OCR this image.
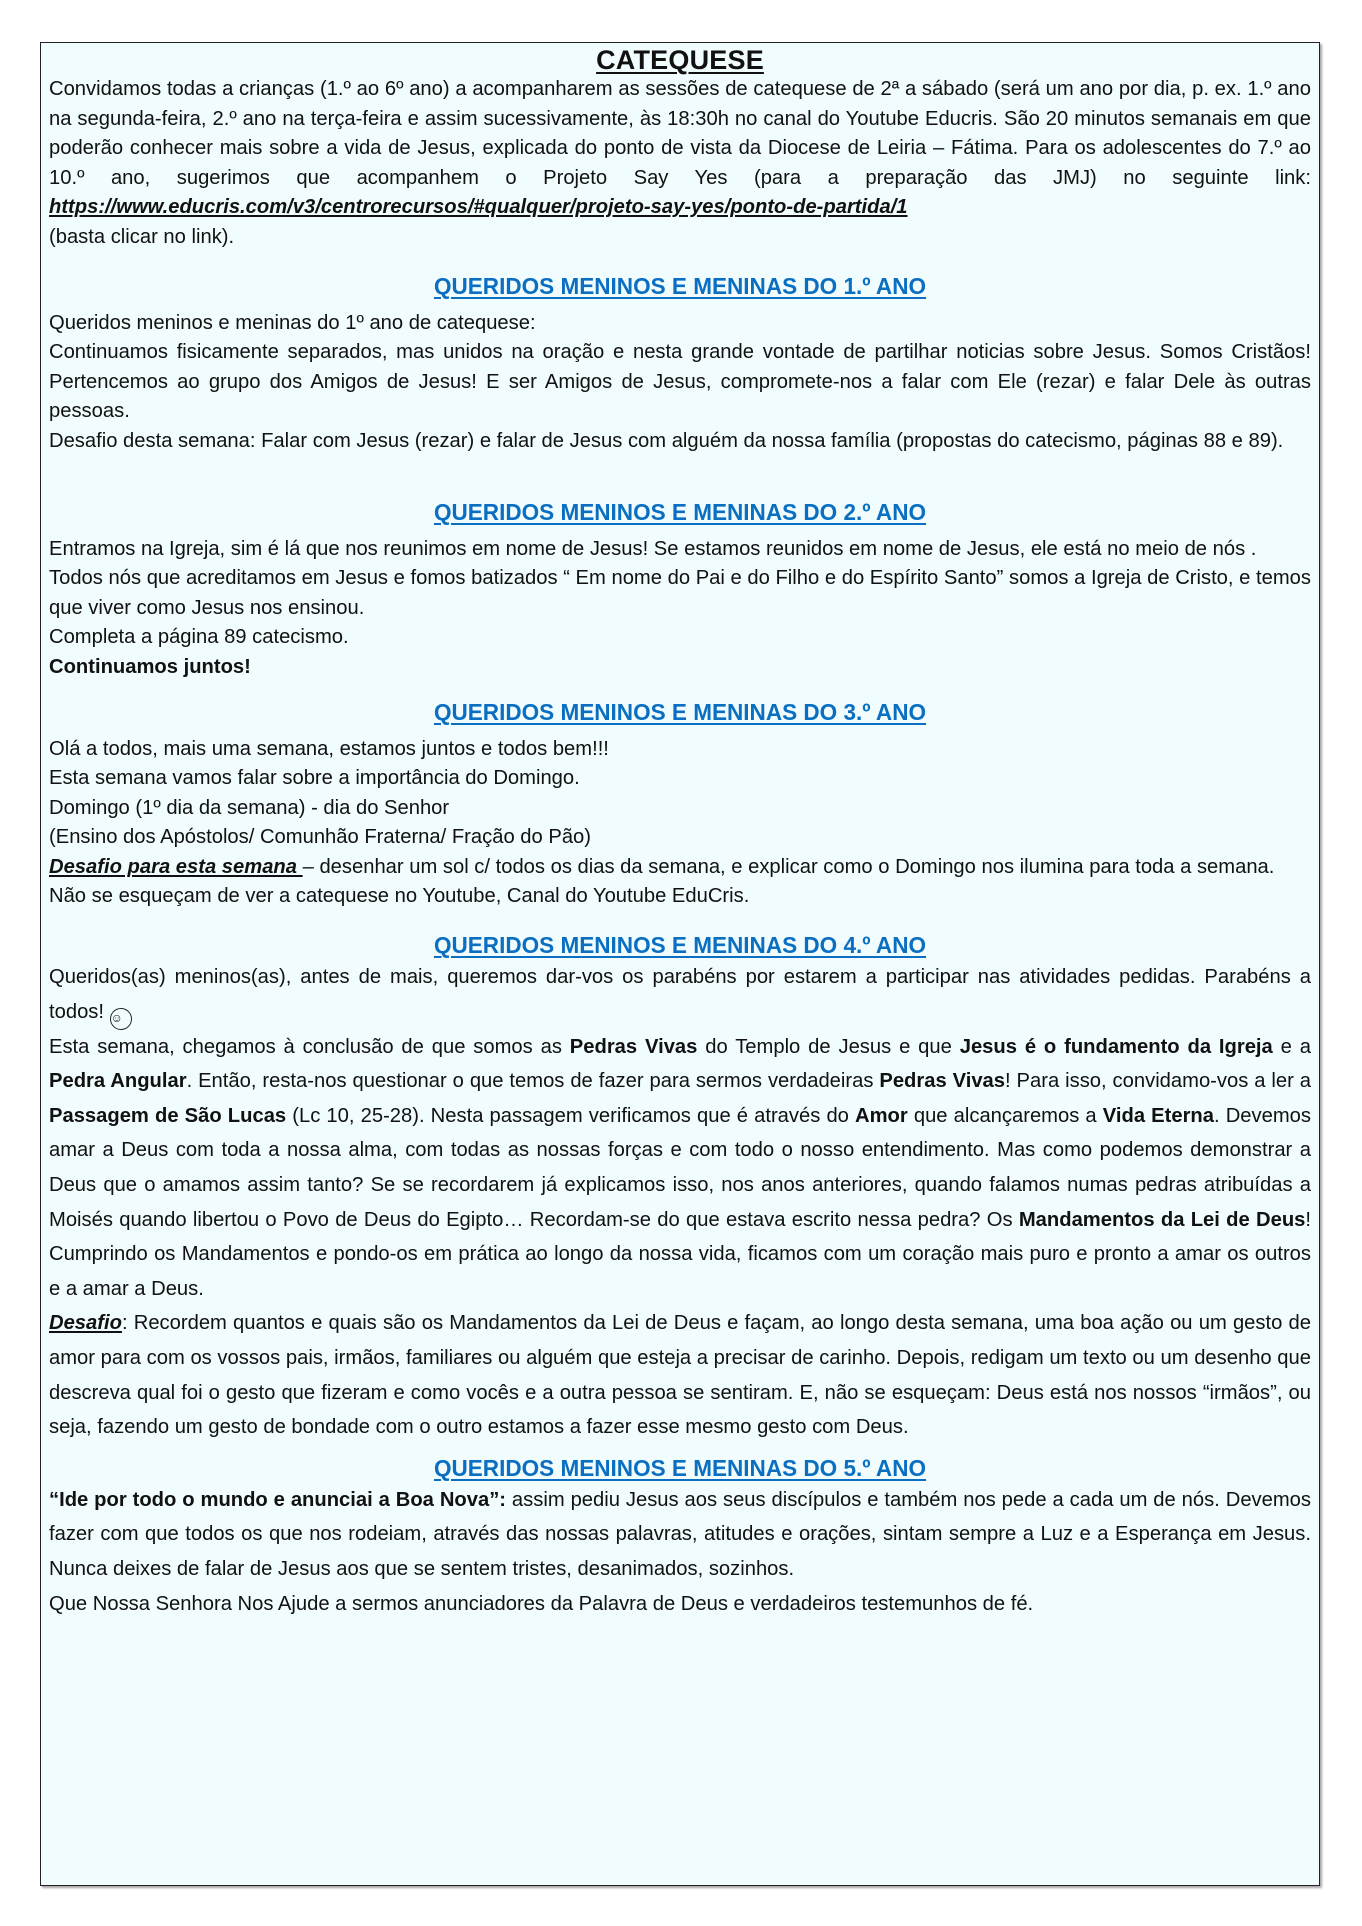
CATEQUESE

Convidamos todas a crianças (1.º ao 6º ano) a acompanharem as sessões de catequese de 2ª a sábado (será um ano por dia, p. ex. 1.º ano na segunda-feira, 2.º ano na terça-feira e assim sucessivamente, às 18:30h no canal do Youtube Educris. São 20 minutos semanais em que poderão conhecer mais sobre a vida de Jesus, explicada do ponto de vista da Diocese de Leiria – Fátima. Para os adolescentes do 7.º ao 10.º ano, sugerimos que acompanhem o Projeto Say Yes (para a preparação das JMJ) no seguinte link: https://www.educris.com/v3/centrorecursos/#qualquer/projeto-say-yes/ponto-de-partida/1
(basta clicar no link).

QUERIDOS MENINOS E MENINAS DO 1.º ANO

Queridos meninos e meninas do 1º ano de catequese:

Continuamos fisicamente separados, mas unidos na oração e nesta grande vontade de partilhar noticias sobre Jesus. Somos Cristãos! Pertencemos ao grupo dos Amigos de Jesus! E ser Amigos de Jesus, compromete-nos a falar com Ele (rezar) e falar Dele às outras pessoas.

Desafio desta semana: Falar com Jesus (rezar) e falar de Jesus com alguém da nossa família (propostas do catecismo, páginas 88 e 89).

QUERIDOS MENINOS E MENINAS DO 2.º ANO

Entramos na Igreja, sim é lá que nos reunimos em nome de Jesus! Se estamos reunidos em nome de Jesus, ele está no meio de nós .

Todos nós que acreditamos em Jesus e fomos batizados “ Em nome do Pai e do Filho e do Espírito Santo” somos a Igreja de Cristo, e temos que viver como Jesus nos ensinou.

Completa a página 89 catecismo.

Continuamos juntos!

QUERIDOS MENINOS E MENINAS DO 3.º ANO

Olá a todos, mais uma semana, estamos juntos e todos bem!!!

Esta semana vamos falar sobre a importância do Domingo.

Domingo (1º dia da semana) - dia do Senhor

(Ensino dos Apóstolos/ Comunhão Fraterna/ Fração do Pão)

Desafio para esta semana – desenhar um sol c/ todos os dias da semana, e explicar como o Domingo nos ilumina para toda a semana.

Não se esqueçam de ver a catequese no Youtube, Canal do Youtube EduCris.

QUERIDOS MENINOS E MENINAS DO 4.º ANO

Queridos(as) meninos(as), antes de mais, queremos dar-vos os parabéns por estarem a participar nas atividades pedidas. Parabéns a todos! ☺

Esta semana, chegamos à conclusão de que somos as Pedras Vivas do Templo de Jesus e que Jesus é o fundamento da Igreja e a Pedra Angular. Então, resta-nos questionar o que temos de fazer para sermos verdadeiras Pedras Vivas! Para isso, convidamo-vos a ler a Passagem de São Lucas (Lc 10, 25-28). Nesta passagem verificamos que é através do Amor que alcançaremos a Vida Eterna. Devemos amar a Deus com toda a nossa alma, com todas as nossas forças e com todo o nosso entendimento. Mas como podemos demonstrar a Deus que o amamos assim tanto? Se se recordarem já explicamos isso, nos anos anteriores, quando falamos numas pedras atribuídas a Moisés quando libertou o Povo de Deus do Egipto… Recordam-se do que estava escrito nessa pedra? Os Mandamentos da Lei de Deus! Cumprindo os Mandamentos e pondo-os em prática ao longo da nossa vida, ficamos com um coração mais puro e pronto a amar os outros e a amar a Deus.

Desafio: Recordem quantos e quais são os Mandamentos da Lei de Deus e façam, ao longo desta semana, uma boa ação ou um gesto de amor para com os vossos pais, irmãos, familiares ou alguém que esteja a precisar de carinho. Depois, redigam um texto ou um desenho que descreva qual foi o gesto que fizeram e como vocês e a outra pessoa se sentiram. E, não se esqueçam: Deus está nos nossos “irmãos”, ou seja, fazendo um gesto de bondade com o outro estamos a fazer esse mesmo gesto com Deus.

QUERIDOS MENINOS E MENINAS DO 5.º ANO

“Ide por todo o mundo e anunciai a Boa Nova”: assim pediu Jesus aos seus discípulos e também nos pede a cada um de nós. Devemos fazer com que todos os que nos rodeiam, através das nossas palavras, atitudes e orações, sintam sempre a Luz e a Esperança em Jesus. Nunca deixes de falar de Jesus aos que se sentem tristes, desanimados, sozinhos.

Que Nossa Senhora Nos Ajude a sermos anunciadores da Palavra de Deus e verdadeiros testemunhos de fé.
